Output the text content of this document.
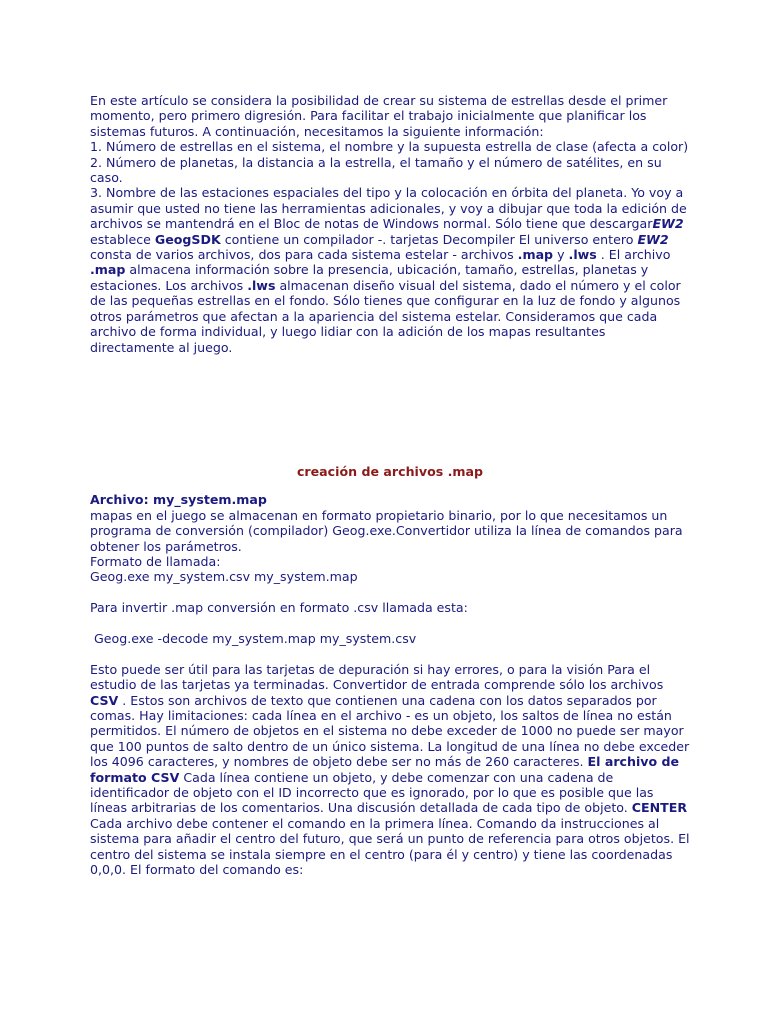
En este artículo se considera la posibilidad de crear su sistema de estrellas desde el primer momento, pero primero digresión. Para facilitar el trabajo inicialmente que planificar los sistemas futuros. A continuación, necesitamos la siguiente información:
1. Número de estrellas en el sistema, el nombre y la supuesta estrella de clase (afecta a color)
2. Número de planetas, la distancia a la estrella, el tamaño y el número de satélites, en su caso.
3. Nombre de las estaciones espaciales del tipo y la colocación en órbita del planeta. Yo voy a asumir que usted no tiene las herramientas adicionales, y voy a dibujar que toda la edición de archivos se mantendrá en el Bloc de notas de Windows normal. Sólo tiene que descargarEW2 establece GeogSDK contiene un compilador -. tarjetas Decompiler El universo entero EW2 consta de varios archivos, dos para cada sistema estelar - archivos .map y .lws . El archivo .map almacena información sobre la presencia, ubicación, tamaño, estrellas, planetas y estaciones. Los archivos .lws almacenan diseño visual del sistema, dado el número y el color de las pequeñas estrellas en el fondo. Sólo tienes que configurar en la luz de fondo y algunos otros parámetros que afectan a la apariencia del sistema estelar. Consideramos que cada archivo de forma individual, y luego lidiar con la adición de los mapas resultantes directamente al juego.
creación de archivos .map
Archivo: my_system.map
mapas en el juego se almacenan en formato propietario binario, por lo que necesitamos un programa de conversión (compilador) Geog.exe.Convertidor utiliza la línea de comandos para obtener los parámetros.
Formato de llamada:
Geog.exe my_system.csv my_system.map
Para invertir .map conversión en formato .csv llamada esta:
Geog.exe -decode my_system.map my_system.csv
Esto puede ser útil para las tarjetas de depuración si hay errores, o para la visión Para el estudio de las tarjetas ya terminadas. Convertidor de entrada comprende sólo los archivos CSV . Estos son archivos de texto que contienen una cadena con los datos separados por comas. Hay limitaciones: cada línea en el archivo - es un objeto, los saltos de línea no están permitidos. El número de objetos en el sistema no debe exceder de 1000 no puede ser mayor que 100 puntos de salto dentro de un único sistema. La longitud de una línea no debe exceder los 4096 caracteres, y nombres de objeto debe ser no más de 260 caracteres. El archivo de formato CSV Cada línea contiene un objeto, y debe comenzar con una cadena de identificador de objeto con el ID incorrecto que es ignorado, por lo que es posible que las líneas arbitrarias de los comentarios. Una discusión detallada de cada tipo de objeto. CENTER Cada archivo debe contener el comando en la primera línea. Comando da instrucciones al sistema para añadir el centro del futuro, que será un punto de referencia para otros objetos. El centro del sistema se instala siempre en el centro (para él y centro) y tiene las coordenadas 0,0,0. El formato del comando es:
